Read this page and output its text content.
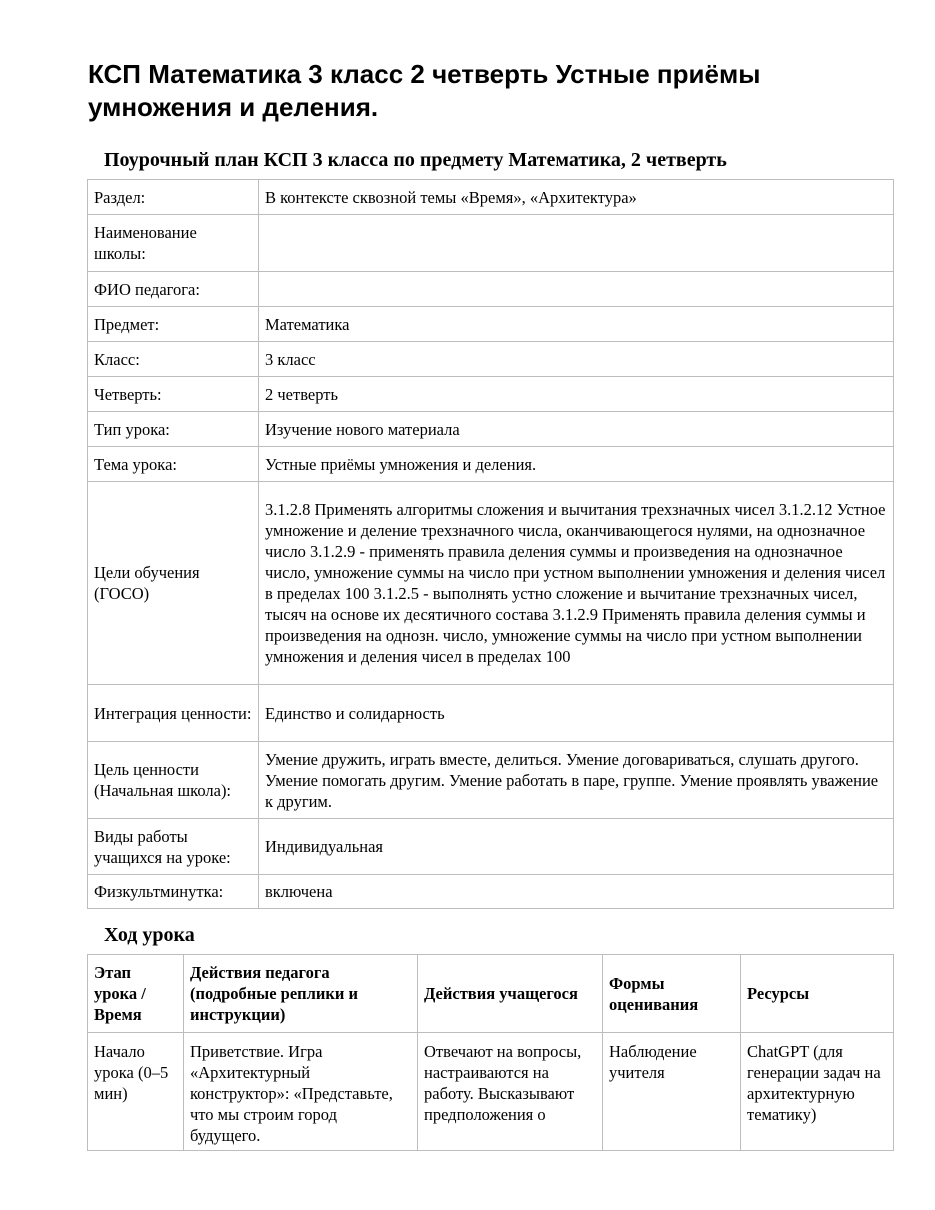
КСП Математика 3 класс 2 четверть Устные приёмы умножения и деления.
Поурочный план КСП 3 класса по предмету Математика, 2 четверть
Раздел:	В контексте сквозной темы «Время», «Архитектура»
Наименование школы:	
ФИО педагога:	
Предмет:	Математика
Класс:	3 класс
Четверть:	2 четверть
Тип урока:	Изучение нового материала
Тема урока:	Устные приёмы умножения и деления.
Цели обучения (ГОСО)	3.1.2.8 Применять алгоритмы сложения и вычитания трехзначных чисел 3.1.2.12 Устное умножение и деление трехзначного числа, оканчивающегося нулями, на однозначное число 3.1.2.9 - применять правила деления суммы и произведения на однозначное число, умножение суммы на число при устном выполнении умножения и деления чисел в пределах 100 3.1.2.5 - выполнять устно сложение и вычитание трехзначных чисел, тысяч на основе их десятичного состава 3.1.2.9 Применять правила деления суммы и произведения на однозн. число, умножение суммы на число при устном выполнении умножения и деления чисел в пределах 100
Интеграция ценности:	Единство и солидарность
Цель ценности (Начальная школа):	Умение дружить, играть вместе, делиться. Умение договариваться, слушать другого. Умение помогать другим. Умение работать в паре, группе. Умение проявлять уважение к другим.
Виды работы учащихся на уроке:	Индивидуальная
Физкультминутка:	включена
Ход урока
Этап урока / Время	Действия педагога (подробные реплики и инструкции)	Действия учащегося	Формы оценивания	Ресурсы
Начало урока (0–5 мин)	Приветствие. Игра «Архитектурный конструктор»: «Представьте, что мы строим город будущего.	Отвечают на вопросы, настраиваются на работу. Высказывают предположения о	Наблюдение учителя	ChatGPT (для генерации задач на архитектурную тематику)
